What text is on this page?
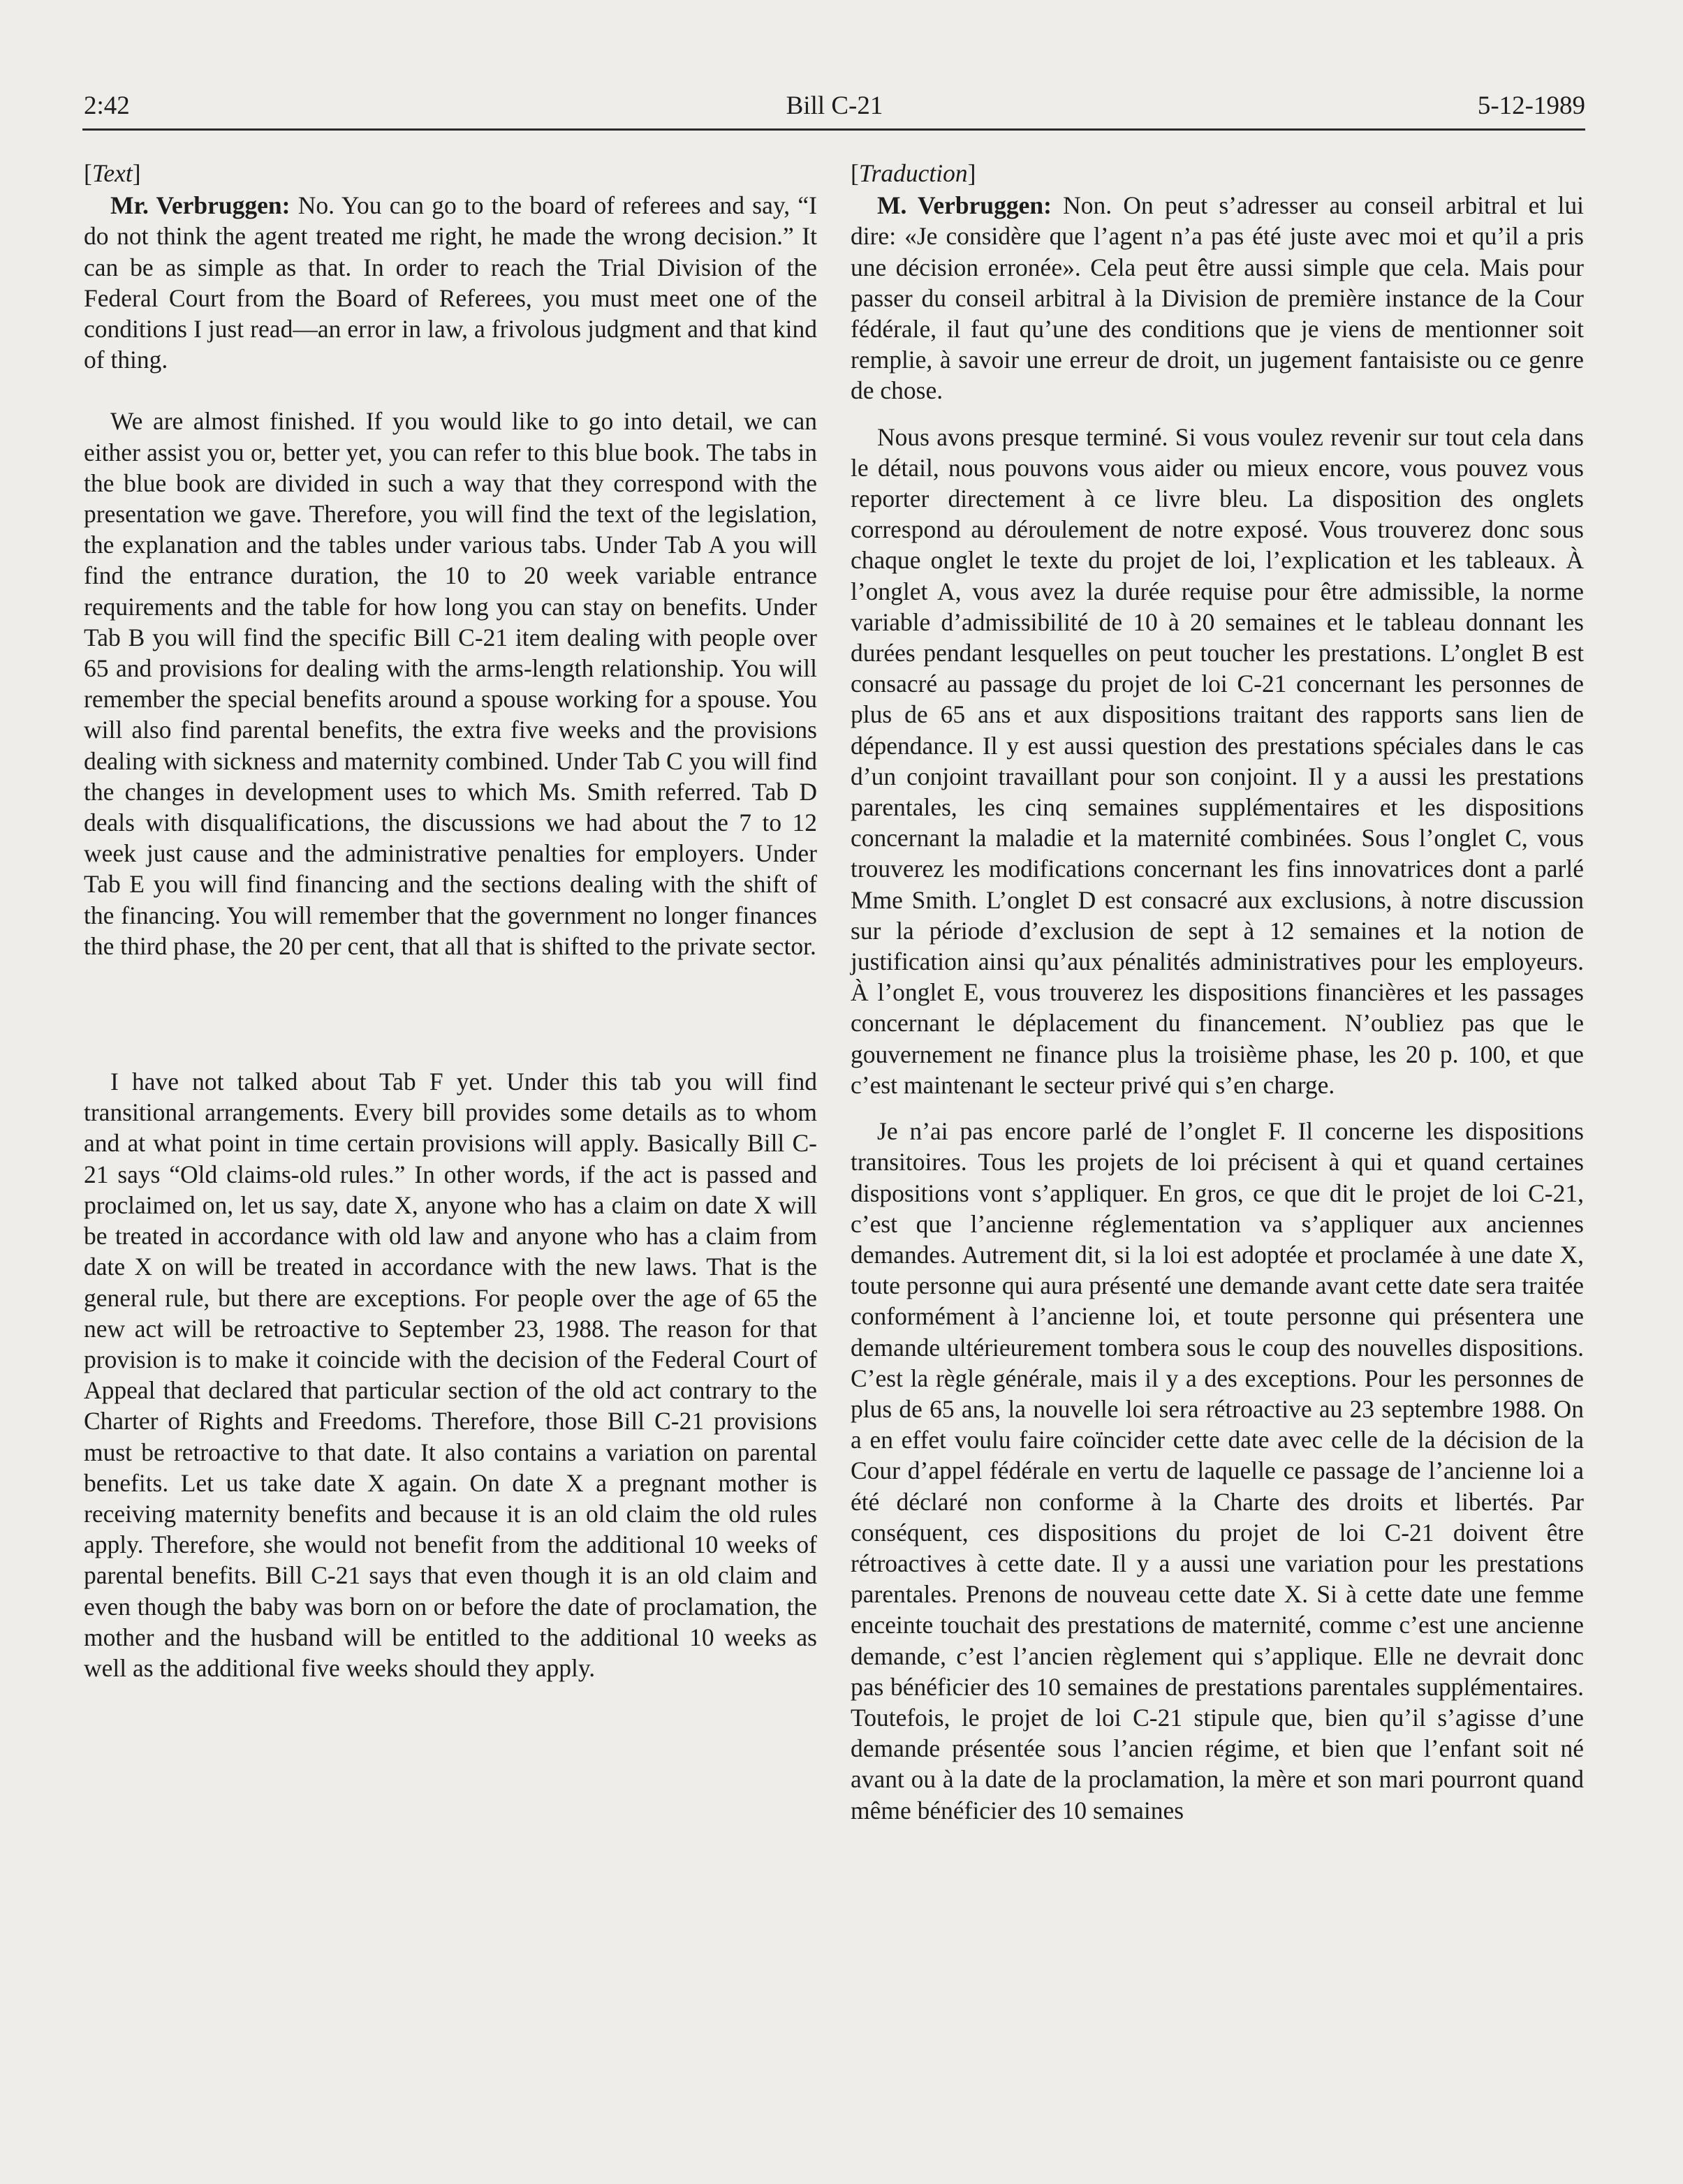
2:42	Bill C-21	5-12-1989

[Text]

Mr. Verbruggen: No. You can go to the board of referees and say, “I do not think the agent treated me right, he made the wrong decision.” It can be as simple as that. In order to reach the Trial Division of the Federal Court from the Board of Referees, you must meet one of the conditions I just read—an error in law, a frivolous judgment and that kind of thing.

We are almost finished. If you would like to go into detail, we can either assist you or, better yet, you can refer to this blue book. The tabs in the blue book are divided in such a way that they correspond with the presentation we gave. Therefore, you will find the text of the legislation, the explanation and the tables under various tabs. Under Tab A you will find the entrance duration, the 10 to 20 week variable entrance requirements and the table for how long you can stay on benefits. Under Tab B you will find the specific Bill C-21 item dealing with people over 65 and provisions for dealing with the arms-length relationship. You will remember the special benefits around a spouse working for a spouse. You will also find parental benefits, the extra five weeks and the provisions dealing with sickness and maternity combined. Under Tab C you will find the changes in development uses to which Ms. Smith referred. Tab D deals with disqualifications, the discussions we had about the 7 to 12 week just cause and the administrative penalties for employers. Under Tab E you will find financing and the sections dealing with the shift of the financing. You will remember that the government no longer finances the third phase, the 20 per cent, that all that is shifted to the private sector.

I have not talked about Tab F yet. Under this tab you will find transitional arrangements. Every bill provides some details as to whom and at what point in time certain provisions will apply. Basically Bill C-21 says “Old claims-old rules.” In other words, if the act is passed and proclaimed on, let us say, date X, anyone who has a claim on date X will be treated in accordance with old law and anyone who has a claim from date X on will be treated in accordance with the new laws. That is the general rule, but there are exceptions. For people over the age of 65 the new act will be retroactive to September 23, 1988. The reason for that provision is to make it coincide with the decision of the Federal Court of Appeal that declared that particular section of the old act contrary to the Charter of Rights and Freedoms. Therefore, those Bill C-21 provisions must be retroactive to that date. It also contains a variation on parental benefits. Let us take date X again. On date X a pregnant mother is receiving maternity benefits and because it is an old claim the old rules apply. Therefore, she would not benefit from the additional 10 weeks of parental benefits. Bill C-21 says that even though it is an old claim and even though the baby was born on or before the date of proclamation, the mother and the husband will be entitled to the additional 10 weeks as well as the additional five weeks should they apply.

[Traduction]

M. Verbruggen: Non. On peut s’adresser au conseil arbitral et lui dire: «Je considère que l’agent n’a pas été juste avec moi et qu’il a pris une décision erronée». Cela peut être aussi simple que cela. Mais pour passer du conseil arbitral à la Division de première instance de la Cour fédérale, il faut qu’une des conditions que je viens de mentionner soit remplie, à savoir une erreur de droit, un jugement fantaisiste ou ce genre de chose.

Nous avons presque terminé. Si vous voulez revenir sur tout cela dans le détail, nous pouvons vous aider ou mieux encore, vous pouvez vous reporter directement à ce livre bleu. La disposition des onglets correspond au déroulement de notre exposé. Vous trouverez donc sous chaque onglet le texte du projet de loi, l’explication et les tableaux. À l’onglet A, vous avez la durée requise pour être admissible, la norme variable d’admissibilité de 10 à 20 semaines et le tableau donnant les durées pendant lesquelles on peut toucher les prestations. L’onglet B est consacré au passage du projet de loi C-21 concernant les personnes de plus de 65 ans et aux dispositions traitant des rapports sans lien de dépendance. Il y est aussi question des prestations spéciales dans le cas d’un conjoint travaillant pour son conjoint. Il y a aussi les prestations parentales, les cinq semaines supplémentaires et les dispositions concernant la maladie et la maternité combinées. Sous l’onglet C, vous trouverez les modifications concernant les fins innovatrices dont a parlé Mme Smith. L’onglet D est consacré aux exclusions, à notre discussion sur la période d’exclusion de sept à 12 semaines et la notion de justification ainsi qu’aux pénalités administratives pour les employeurs. À l’onglet E, vous trouverez les dispositions financières et les passages concernant le déplacement du financement. N’oubliez pas que le gouvernement ne finance plus la troisième phase, les 20 p. 100, et que c’est maintenant le secteur privé qui s’en charge.

Je n’ai pas encore parlé de l’onglet F. Il concerne les dispositions transitoires. Tous les projets de loi précisent à qui et quand certaines dispositions vont s’appliquer. En gros, ce que dit le projet de loi C-21, c’est que l’ancienne réglementation va s’appliquer aux anciennes demandes. Autrement dit, si la loi est adoptée et proclamée à une date X, toute personne qui aura présenté une demande avant cette date sera traitée conformément à l’ancienne loi, et toute personne qui présentera une demande ultérieurement tombera sous le coup des nouvelles dispositions. C’est la règle générale, mais il y a des exceptions. Pour les personnes de plus de 65 ans, la nouvelle loi sera rétroactive au 23 septembre 1988. On a en effet voulu faire coïncider cette date avec celle de la décision de la Cour d’appel fédérale en vertu de laquelle ce passage de l’ancienne loi a été déclaré non conforme à la Charte des droits et libertés. Par conséquent, ces dispositions du projet de loi C-21 doivent être rétroactives à cette date. Il y a aussi une variation pour les prestations parentales. Prenons de nouveau cette date X. Si à cette date une femme enceinte touchait des prestations de maternité, comme c’est une ancienne demande, c’est l’ancien règlement qui s’applique. Elle ne devrait donc pas bénéficier des 10 semaines de prestations parentales supplémentaires. Toutefois, le projet de loi C-21 stipule que, bien qu’il s’agisse d’une demande présentée sous l’ancien régime, et bien que l’enfant soit né avant ou à la date de la proclamation, la mère et son mari pourront quand même bénéficier des 10 semaines
